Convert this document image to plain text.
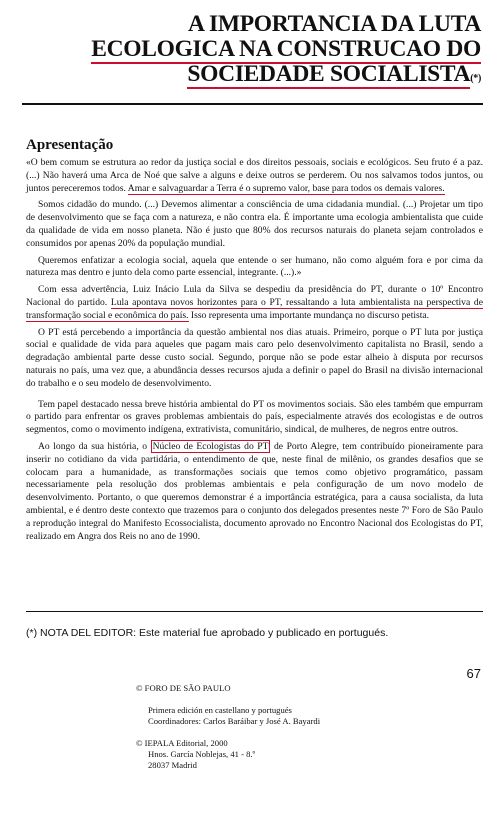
A IMPORTANCIA DA LUTA
ECOLOGICA NA CONSTRUCAO DO
SOCIEDADE SOCIALISTA(*)
Apresentação

«O bem comum se estrutura ao redor da justiça social e dos direitos pessoais, sociais e ecológicos. Seu fruto é a paz. (...) Não haverá uma Arca de Noé que salve a alguns e deixe outros se perderem. Ou nos salvamos todos juntos, ou juntos pereceremos todos. Amar e salvaguardar a Terra é o supremo valor, base para todos os demais valores.

Somos cidadão do mundo. (...) Devemos alimentar a consciência de uma cidadania mundial. (...) Projetar um tipo de desenvolvimento que se faça com a natureza, e não contra ela. É importante uma ecologia ambientalista que cuide da qualidade de vida em nosso planeta. Não é justo que 80% dos recursos naturais do planeta sejam controlados e consumidos por apenas 20% da população mundial.

Queremos enfatizar a ecologia social, aquela que entende o ser humano, não como alguém fora e por cima da natureza mas dentro e junto dela como parte essencial, integrante. (...).»

Com essa advertência, Luiz Inácio Lula da Silva se despediu da presidência do PT, durante o 10º Encontro Nacional do partido. Lula apontava novos horizontes para o PT, ressaltando a luta ambientalista na perspectiva de transformação social e econômica do país. Isso representa uma importante mundança no discurso petista.

O PT está percebendo a importância da questão ambiental nos dias atuais. Primeiro, porque o PT luta por justiça social e qualidade de vida para aqueles que pagam mais caro pelo desenvolvimento capitalista no Brasil, sendo a degradação ambiental parte desse custo social. Segundo, porque não se pode estar alheio à disputa por recursos naturais no país, uma vez que, a abundância desses recursos ajuda a definir o papel do Brasil na divisão internacional do trabalho e o seu modelo de desenvolvimento.

Tem papel destacado nessa breve história ambiental do PT os movimentos sociais. São eles também que empurram o partido para enfrentar os graves problemas ambientais do país, especialmente através dos ecologistas e de outros segmentos, como o movimento indígena, extrativista, comunitário, sindical, de mulheres, de negros entre outros.

Ao longo da sua história, o Núcleo de Ecologistas do PT de Porto Alegre, tem contribuído pioneiramente para inserir no cotidiano da vida partidária, o entendimento de que, neste final de milênio, os grandes desafios que se colocam para a humanidade, as transformações sociais que temos como objetivo programático, passam necessariamente pela resolução dos problemas ambientais e pela configuração de um novo modelo de desenvolvimento. Portanto, o que queremos demonstrar é a importância estratégica, para a causa socialista, da luta ambiental, e é dentro deste contexto que trazemos para o conjunto dos delegados presentes neste 7º Foro de São Paulo a reprodução integral do Manifesto Ecossocialista, documento aprovado no Encontro Nacional dos Ecologistas do PT, realizado em Angra dos Reis no ano de 1990.

(*) NOTA DEL EDITOR: Este material fue aprobado y publicado en portugués.
67
© FORO DE SÃO PAULO
Primera edición en castellano y portugués
Coordinadores: Carlos Baráibar y José A. Bayardi
© IEPALA Editorial, 2000
Hnos. García Noblejas, 41 - 8.º
28037 Madrid
